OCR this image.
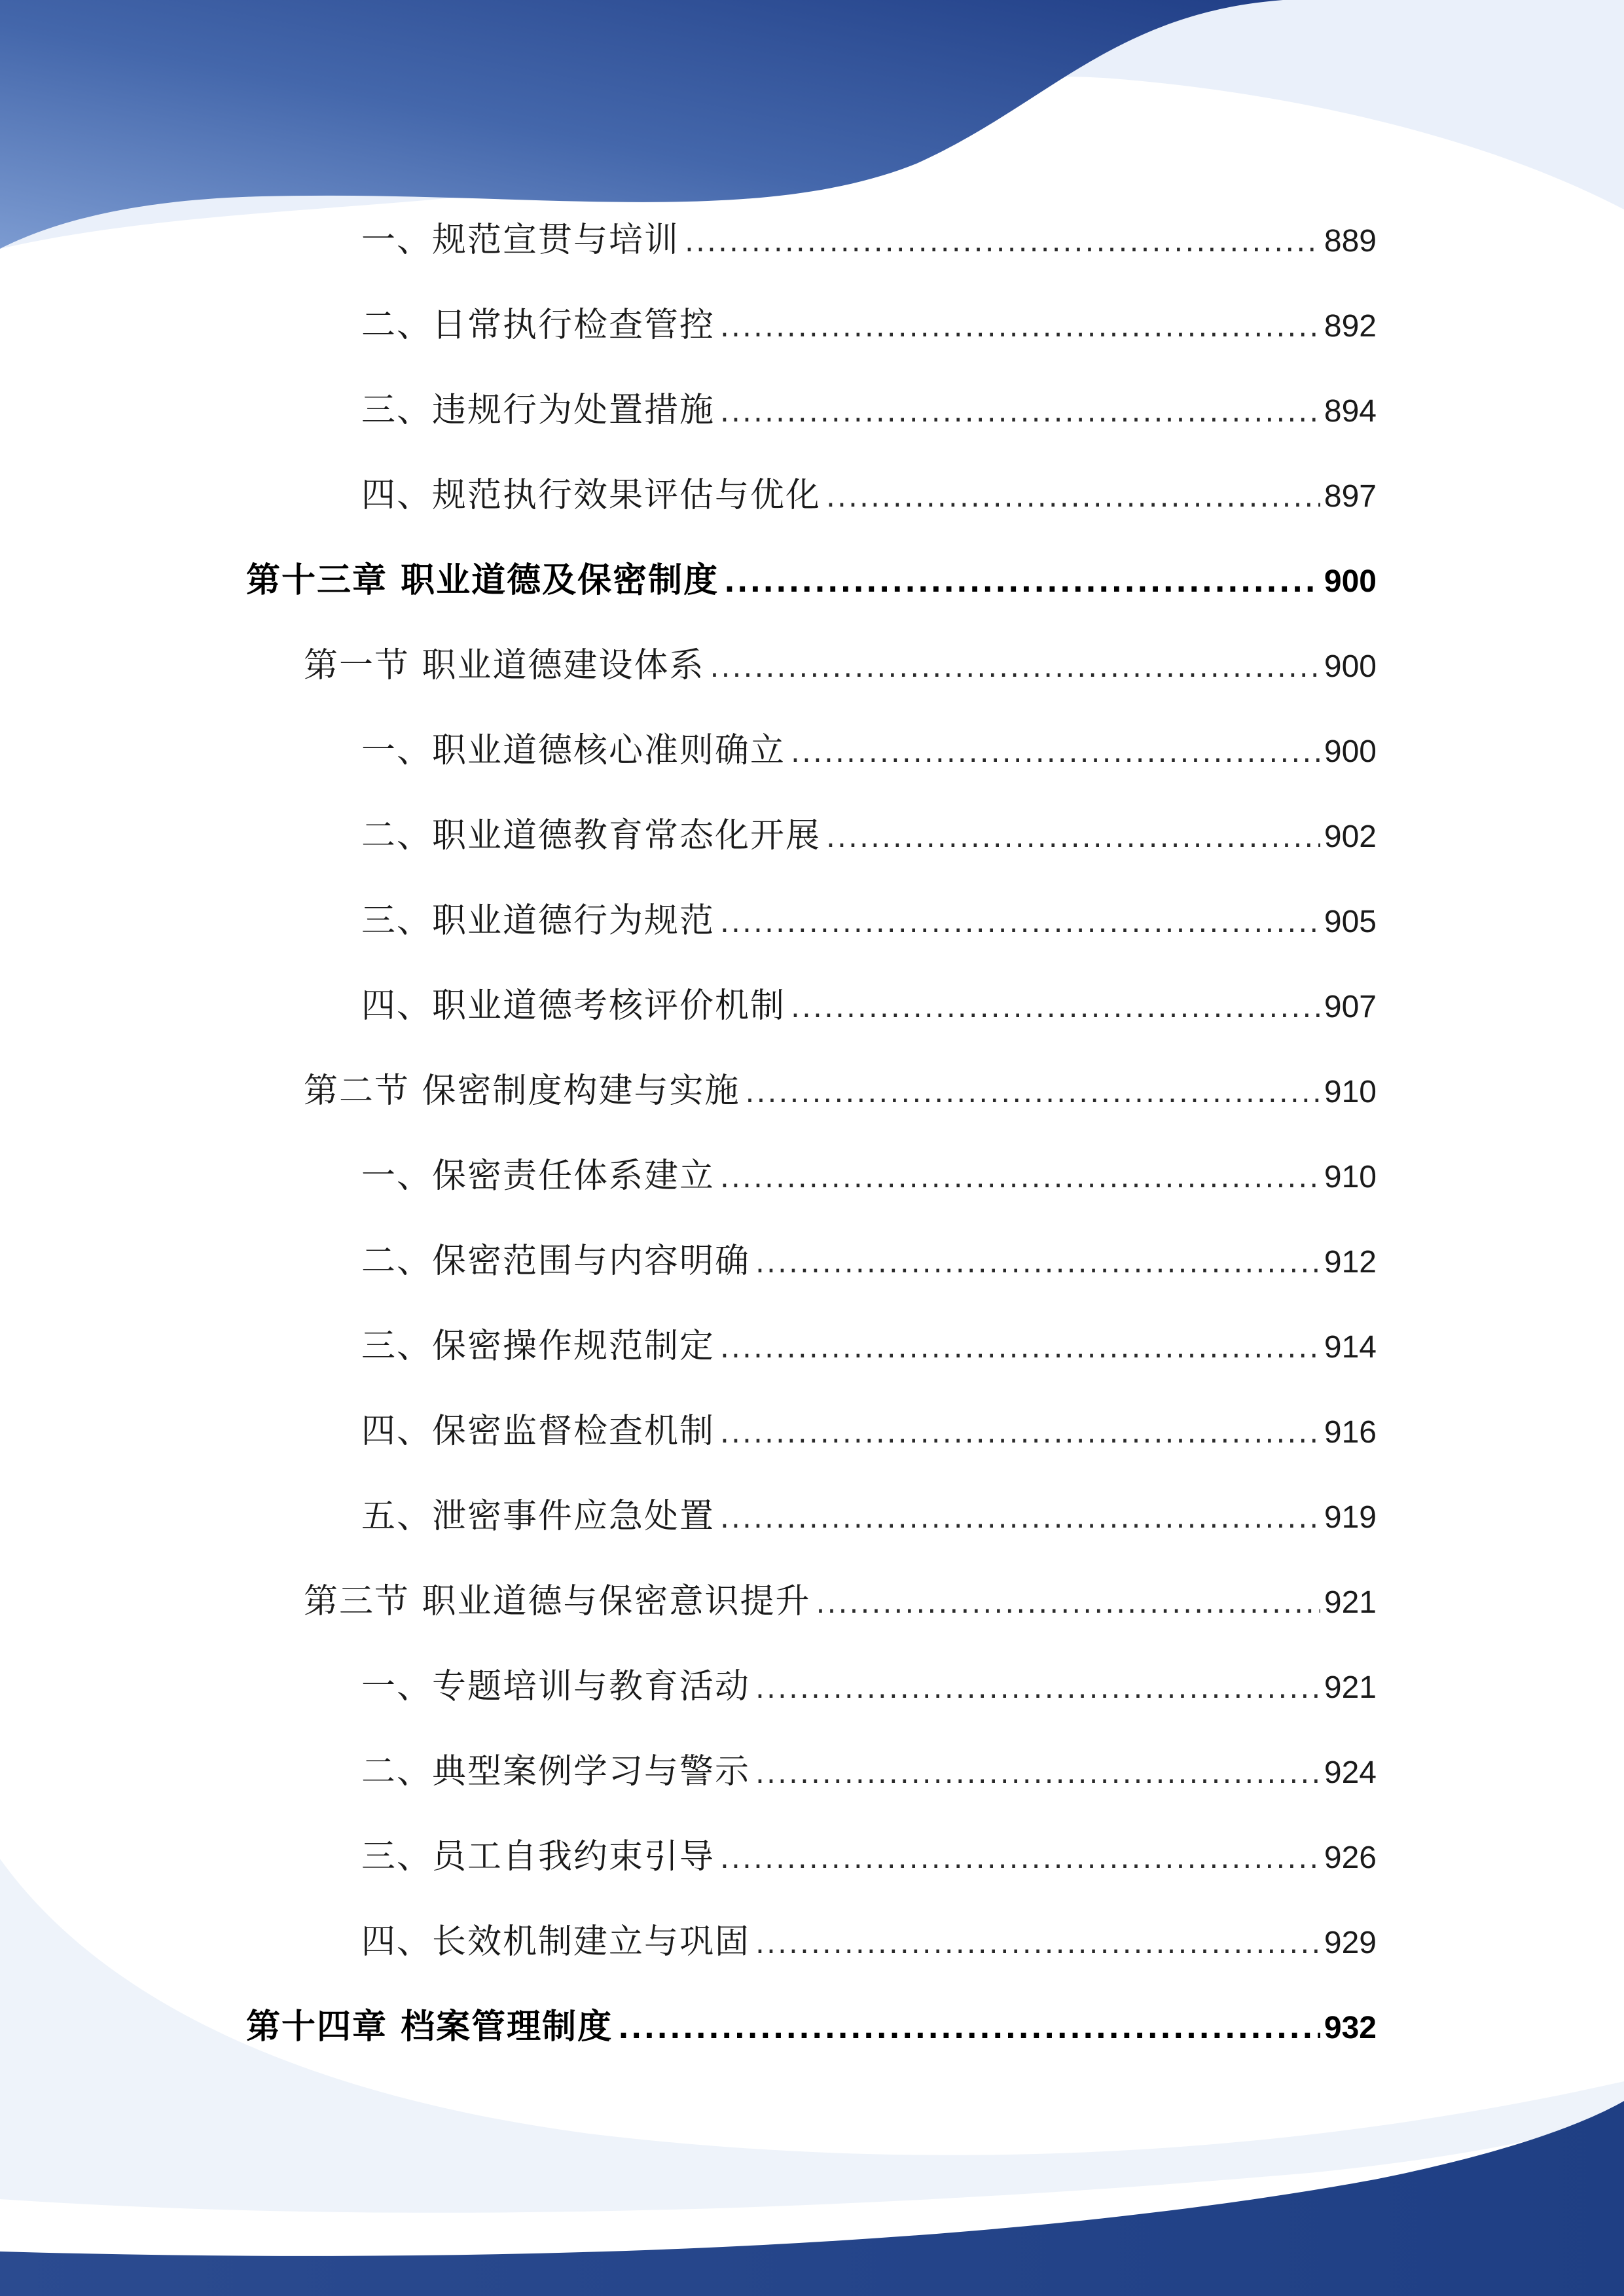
一、规范宣贯与培训 .....	889
二、日常执行检查管控 .....	892
三、违规行为处置措施 .....	894
四、规范执行效果评估与优化 .....	897
第十三章 职业道德及保密制度 .....	900
第一节 职业道德建设体系 .....	900
一、职业道德核心准则确立 .....	900
二、职业道德教育常态化开展 .....	902
三、职业道德行为规范 .....	905
四、职业道德考核评价机制 .....	907
第二节 保密制度构建与实施 .....	910
一、保密责任体系建立 .....	910
二、保密范围与内容明确 .....	912
三、保密操作规范制定 .....	914
四、保密监督检查机制 .....	916
五、泄密事件应急处置 .....	919
第三节 职业道德与保密意识提升 .....	921
一、专题培训与教育活动 .....	921
二、典型案例学习与警示 .....	924
三、员工自我约束引导 .....	926
四、长效机制建立与巩固 .....	929
第十四章 档案管理制度 .....	932
